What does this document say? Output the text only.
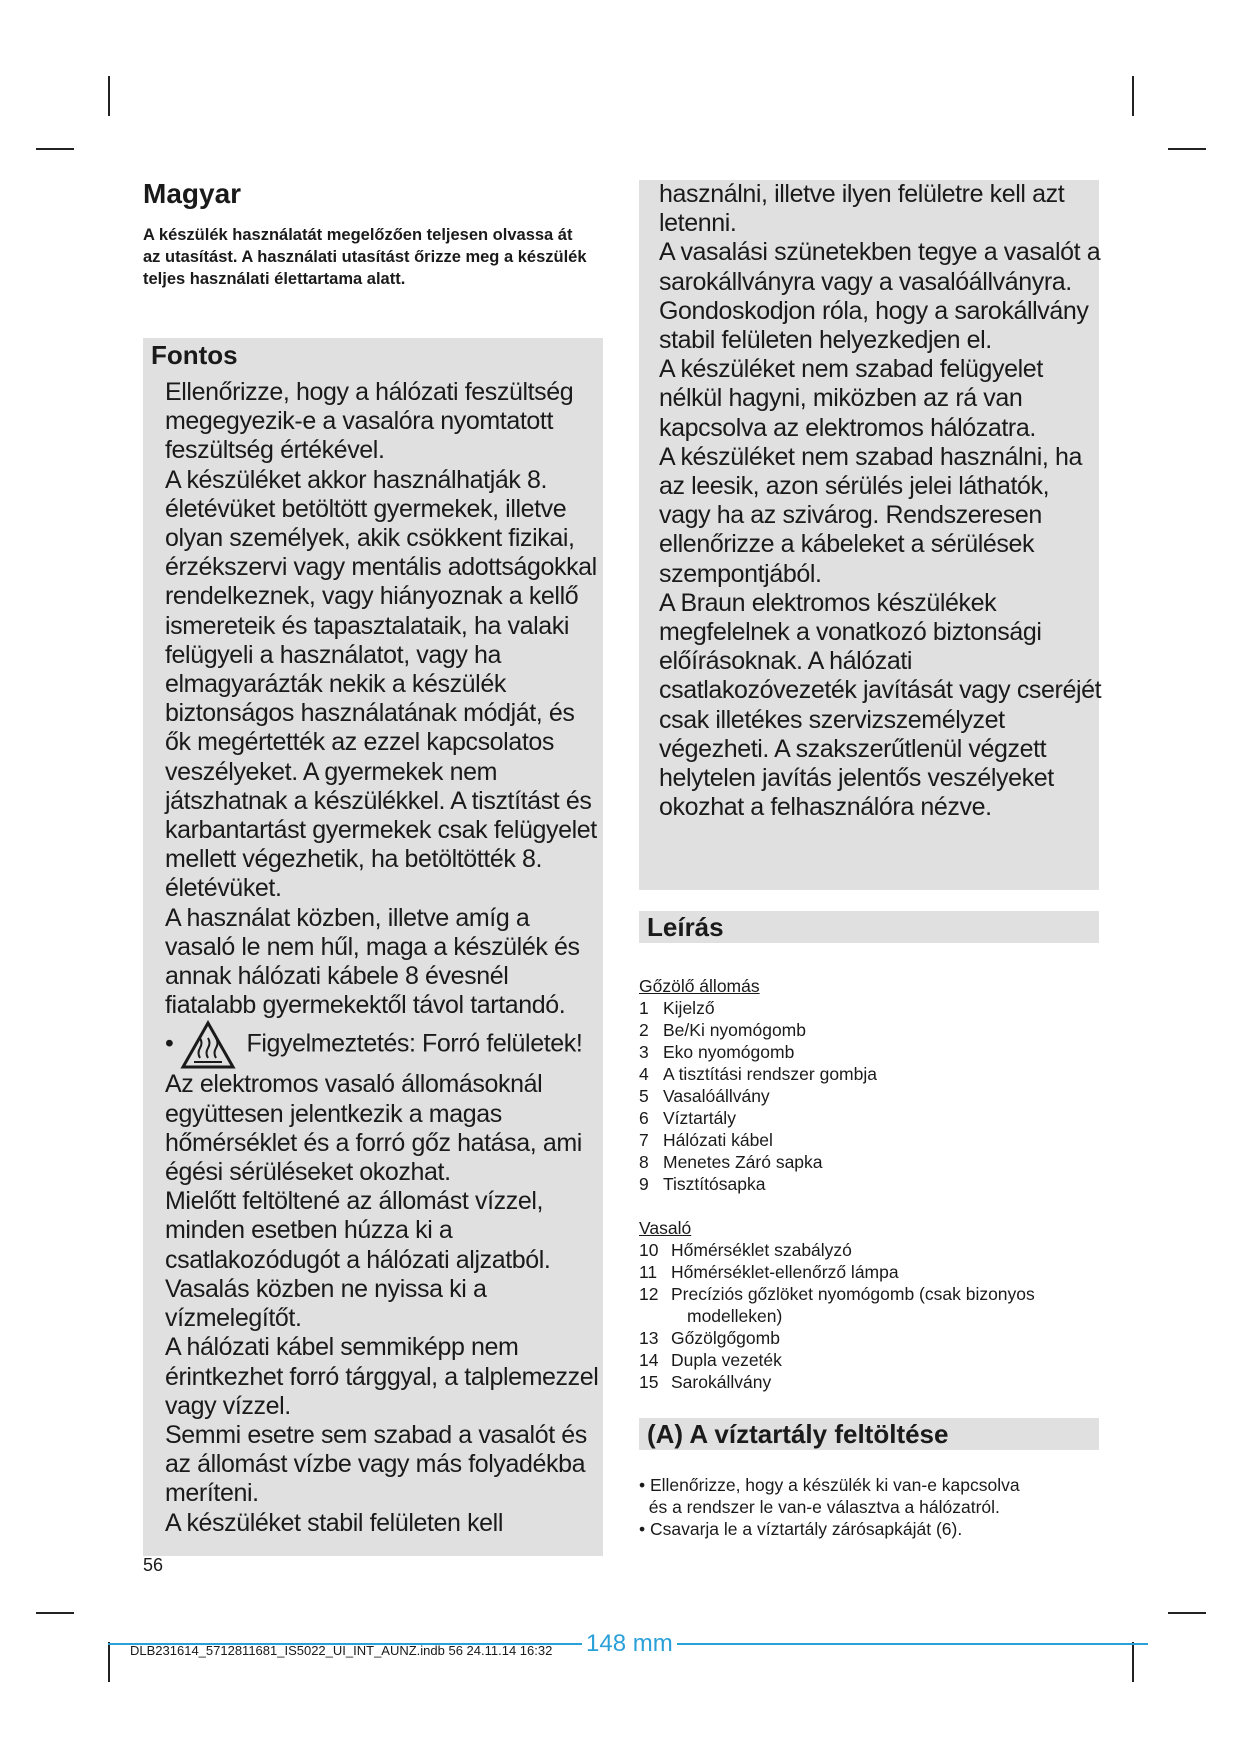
Magyar
A készülék használatát megelőzően teljesen olvassa át az utasítást. A használati utasítást őrizze meg a készülék teljes használati élettartama alatt.
Fontos

Ellenőrizze, hogy a hálózati feszültség megegyezik-e a vasalóra nyomtatott feszültség értékével.

A készüléket akkor használhatják 8. életévüket betöltött gyermekek, illetve olyan személyek, akik csökkent fizikai, érzékszervi vagy mentális adottságokkal rendelkeznek, vagy hiányoznak a kellő ismereteik és tapasztalataik, ha valaki felügyeli a használatot, vagy ha elmagyarázták nekik a készülék biztonságos használatának módját, és ők megértették az ezzel kapcsolatos veszélyeket. A gyermekek nem játszhatnak a készülékkel. A tisztítást és karbantartást gyermekek csak felügyelet mellett végezhetik, ha betöltötték 8. életévüket.

A használat közben, illetve amíg a vasaló le nem hűl, maga a készülék és annak hálózati kábele 8 évesnél fiatalabb gyermekektől távol tartandó.

•	Figyelmeztetés: Forró felületek! Az elektromos vasaló állomásoknál együttesen jelentkezik a magas hőmérséklet és a forró gőz hatása, ami égési sérüléseket okozhat.

Mielőtt feltöltené az állomást vízzel, minden esetben húzza ki a csatlakozódugót a hálózati aljzatból.

Vasalás közben ne nyissa ki a vízmelegítőt.

A hálózati kábel semmiképp nem érintkezhet forró tárggyal, a talplemezzel vagy vízzel.

Semmi esetre sem szabad a vasalót és az állomást vízbe vagy más folyadékba meríteni.

A készüléket stabil felületen kell

56

használni, illetve ilyen felületre kell azt letenni.

A vasalási szünetekben tegye a vasalót a sarokállványra vagy a vasalóállványra. Gondoskodjon róla, hogy a sarokállvány stabil felületen helyezkedjen el.

A készüléket nem szabad felügyelet nélkül hagyni, miközben az rá van kapcsolva az elektromos hálózatra.

A készüléket nem szabad használni, ha az leesik, azon sérülés jelei láthatók, vagy ha az szivárog. Rendszeresen ellenőrizze a kábeleket a sérülések szempontjából.

A Braun elektromos készülékek megfelelnek a vonatkozó biztonsági előírásoknak. A hálózati csatlakozóvezeték javítását vagy cseréjét csak illetékes szervizszemélyzet végezheti. A szakszerűtlenül végzett helytelen javítás jelentős veszélyeket okozhat a felhasználóra nézve.

Leírás
Gőzölő állomás
1 Kijelző
2 Be/Ki nyomógomb
3 Eko nyomógomb
4 A tisztítási rendszer gombja
5 Vasalóállvány
6 Víztartály
7 Hálózati kábel
8 Menetes Záró sapka
9 Tisztítósapka
Vasaló
10 Hőmérséklet szabályzó
11 Hőmérséklet-ellenőrző lámpa
12 Precíziós gőzlöket nyomógomb (csak bizonyos
modelleken)
13 Gőzölgőgomb
14 Dupla vezeték
15 Sarokállvány
(A) A víztartály feltöltése
• Ellenőrizze, hogy a készülék ki van-e kapcsolva
és a rendszer le van-e választva a hálózatról.
• Csavarja le a víztartály zárósapkáját (6).
148 mm
DLB231614_5712811681_IS5022_UI_INT_AUNZ.indb 56 24.11.14 16:32
